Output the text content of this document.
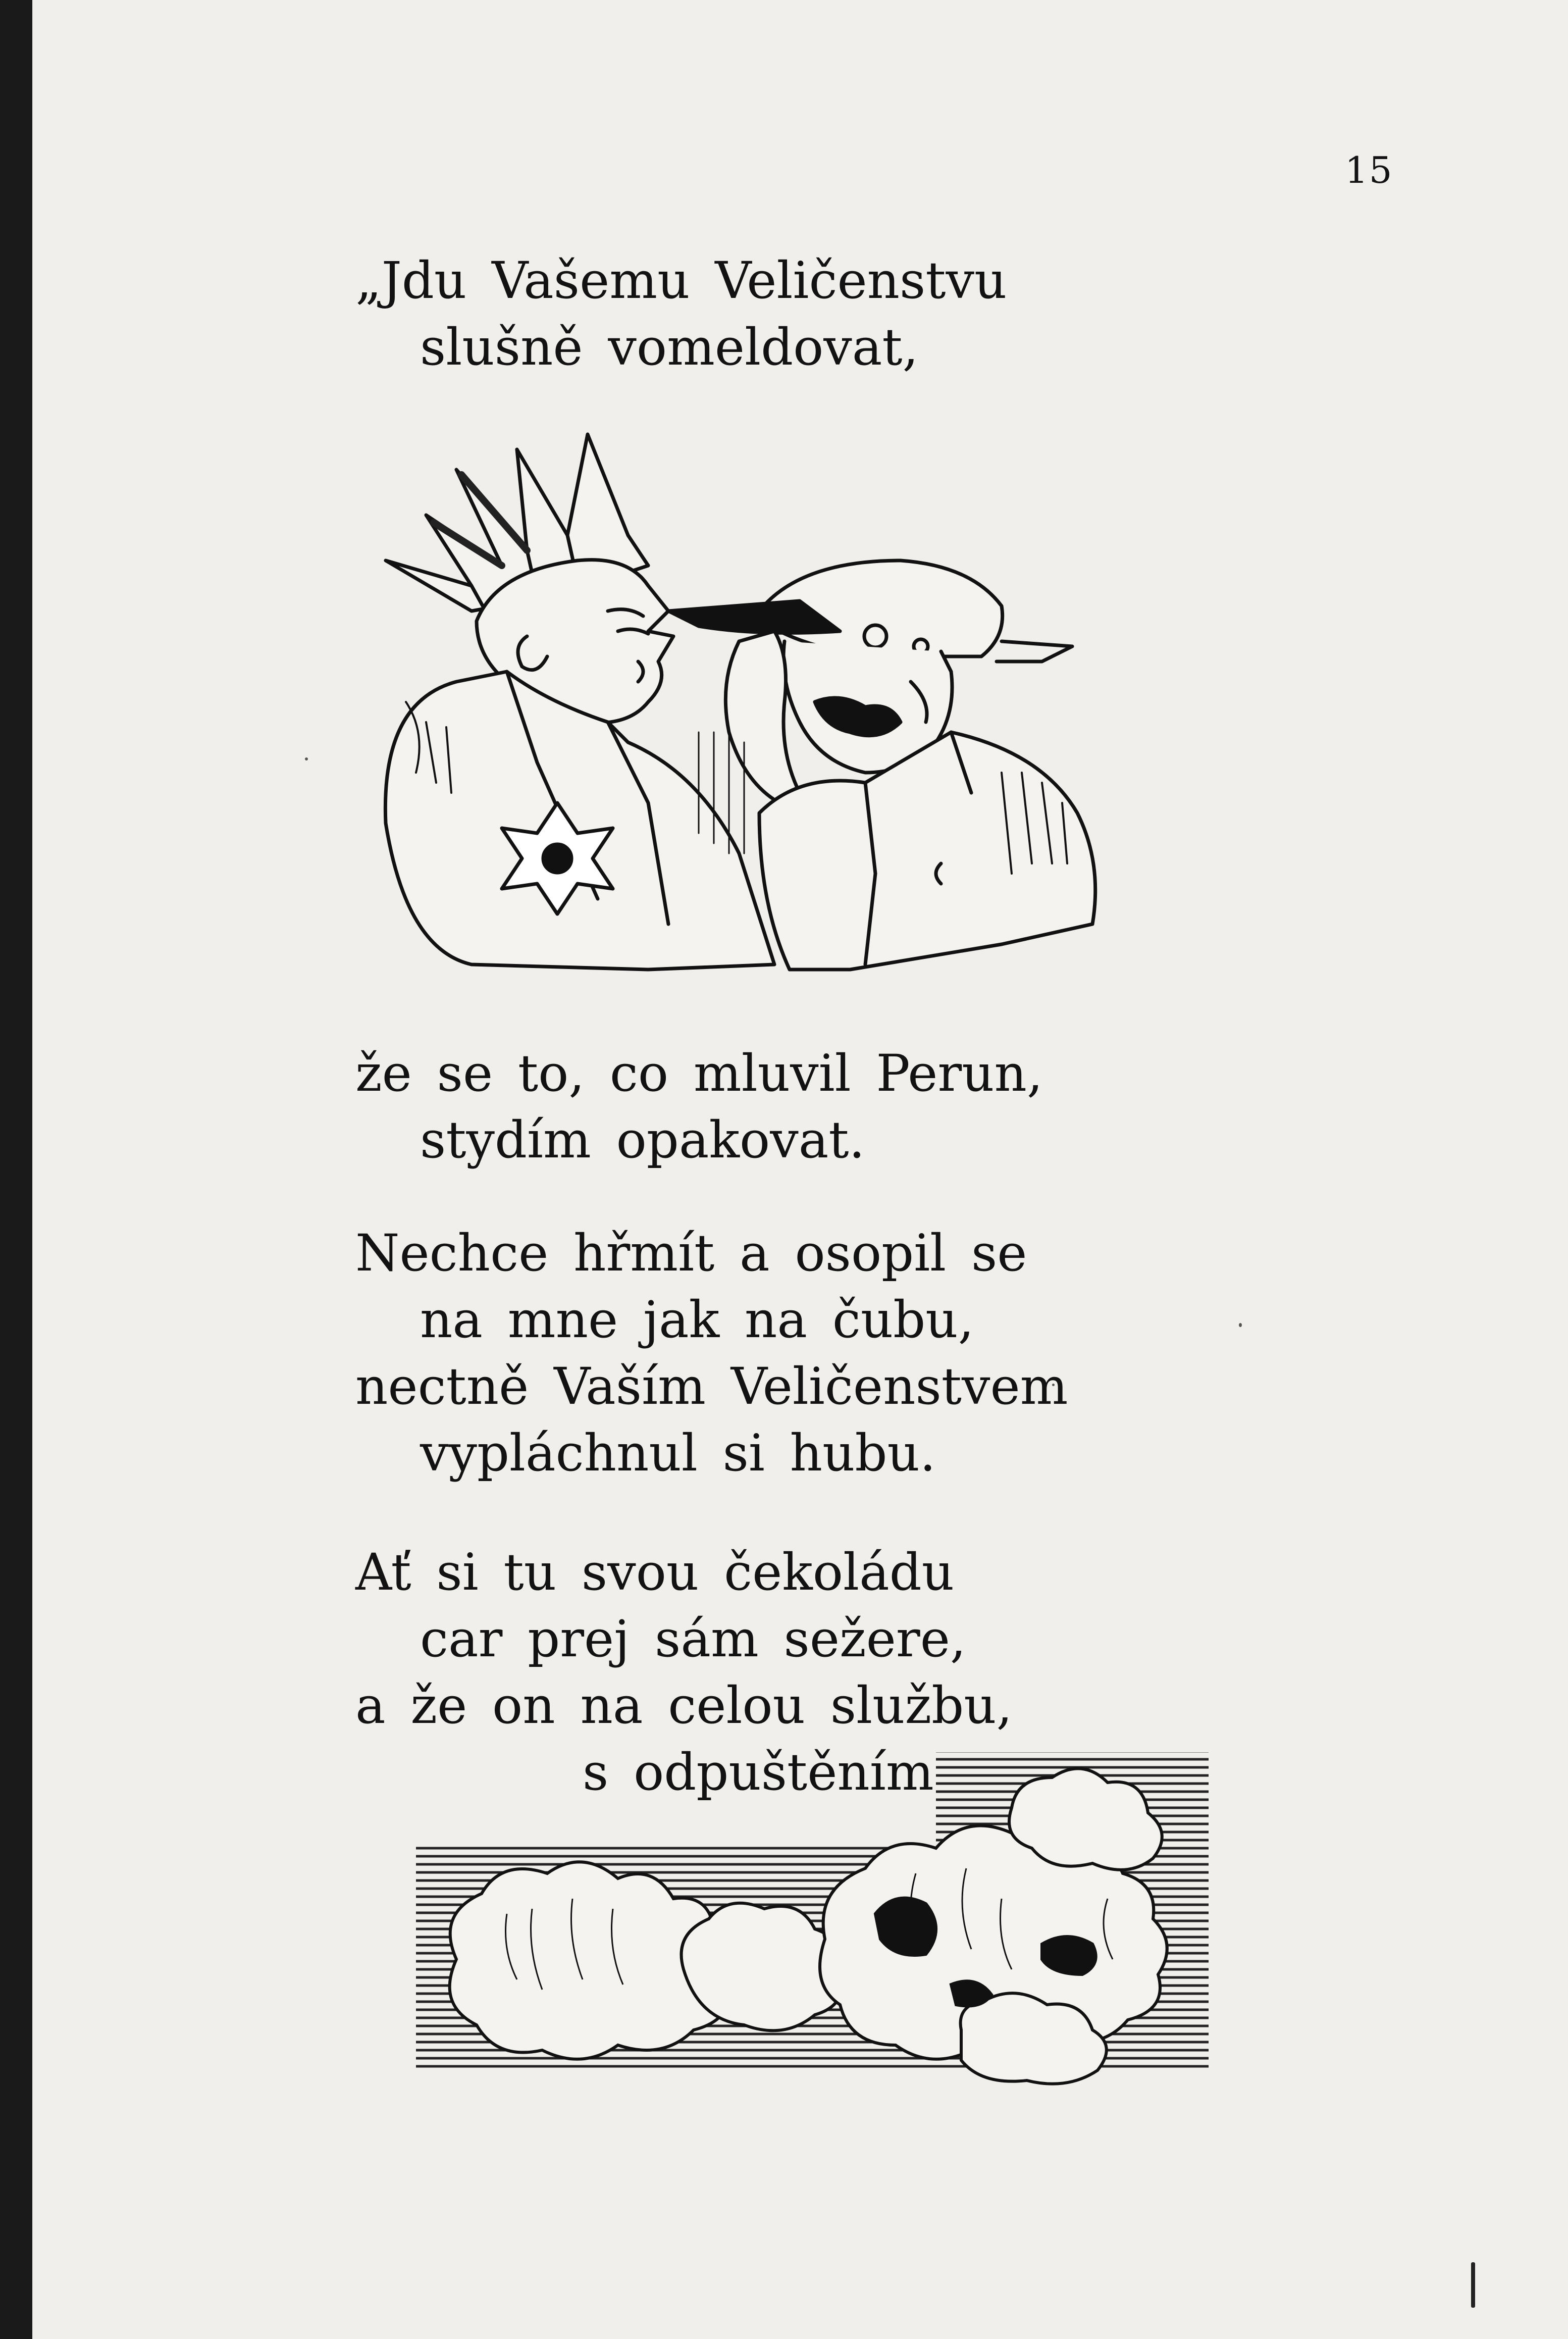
15
„Jdu Vašemu Veličenstvu
slušně vomeldovat,
že se to, co mluvil Perun,
stydím opakovat.
Nechce hřmít a osopil se
na mne jak na čubu,
nectně Vaším Veličenstvem
vypláchnul si hubu.
Ať si tu svou čekoládu
car prej sám sežere,
a že on na celou službu,
s odpuštěním
